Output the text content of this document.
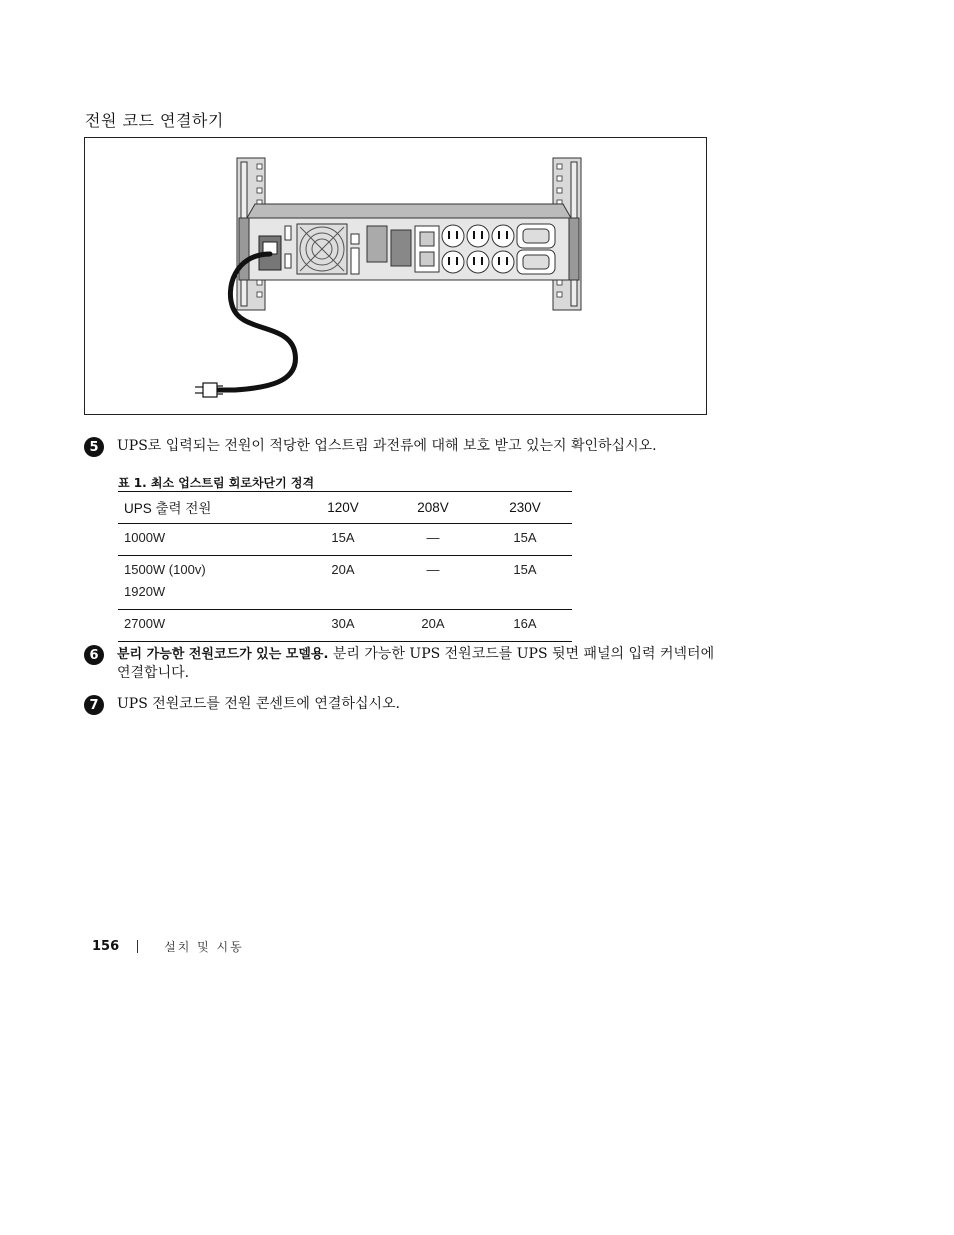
전원 코드 연결하기
5	UPS로 입력되는 전원이 적당한 업스트림 과전류에 대해 보호 받고 있는지 확인하십시오.
표 1. 최소 업스트림 회로차단기 정격
UPS 출력 전원	120V	208V	230V
1000W	15A	—	15A
1500W (100v)
1920W	20A	—	15A
2700W	30A	20A	16A
6	분리 가능한 전원코드가 있는 모델용. 분리 가능한 UPS 전원코드를 UPS 뒷면 패널의 입력 커넥터에 연결합니다.
7	UPS 전원코드를 전원 콘센트에 연결하십시오.
156	설치 및 시동
